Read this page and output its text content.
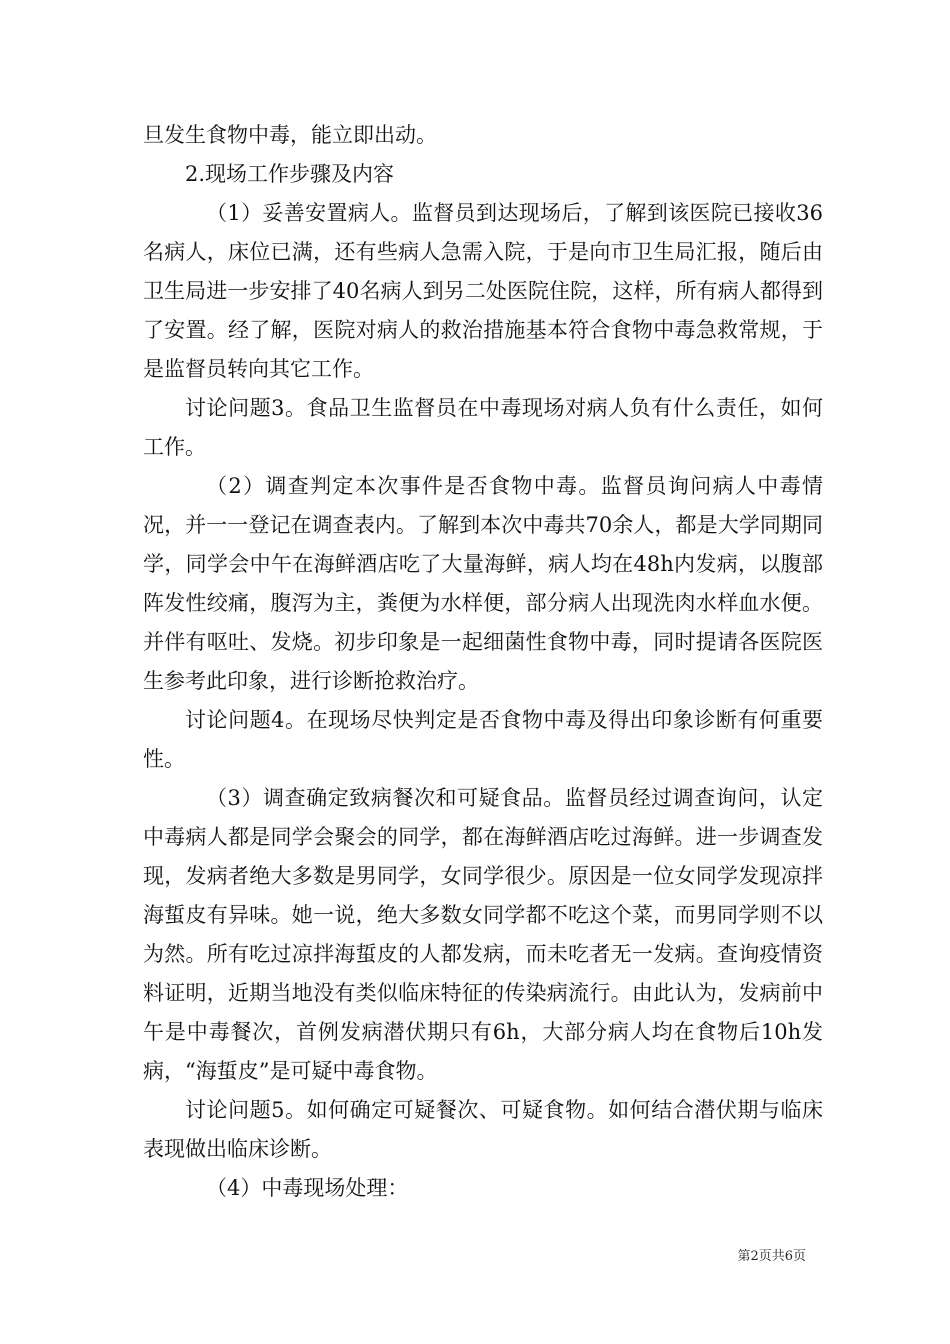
旦发生食物中毒，能立即出动。

2.现场工作步骤及内容

（1）妥善安置病人。监督员到达现场后，了解到该医院已接收36名病人，床位已满，还有些病人急需入院，于是向市卫生局汇报，随后由卫生局进一步安排了40名病人到另二处医院住院，这样，所有病人都得到了安置。经了解，医院对病人的救治措施基本符合食物中毒急救常规，于是监督员转向其它工作。

讨论问题3。食品卫生监督员在中毒现场对病人负有什么责任，如何工作。

（2）调查判定本次事件是否食物中毒。监督员询问病人中毒情况，并一一登记在调查表内。了解到本次中毒共70余人，都是大学同期同学，同学会中午在海鲜酒店吃了大量海鲜，病人均在48h内发病，以腹部阵发性绞痛，腹泻为主，粪便为水样便，部分病人出现洗肉水样血水便。并伴有呕吐、发烧。初步印象是一起细菌性食物中毒，同时提请各医院医生参考此印象，进行诊断抢救治疗。

讨论问题4。在现场尽快判定是否食物中毒及得出印象诊断有何重要性。

（3）调查确定致病餐次和可疑食品。监督员经过调查询问，认定中毒病人都是同学会聚会的同学，都在海鲜酒店吃过海鲜。进一步调查发现，发病者绝大多数是男同学，女同学很少。原因是一位女同学发现凉拌海蜇皮有异味。她一说，绝大多数女同学都不吃这个菜，而男同学则不以为然。所有吃过凉拌海蜇皮的人都发病，而未吃者无一发病。查询疫情资料证明，近期当地没有类似临床特征的传染病流行。由此认为，发病前中午是中毒餐次，首例发病潜伏期只有6h，大部分病人均在食物后10h发病，“海蜇皮”是可疑中毒食物。

讨论问题5。如何确定可疑餐次、可疑食物。如何结合潜伏期与临床表现做出临床诊断。

（4）中毒现场处理：

第2页共6页
